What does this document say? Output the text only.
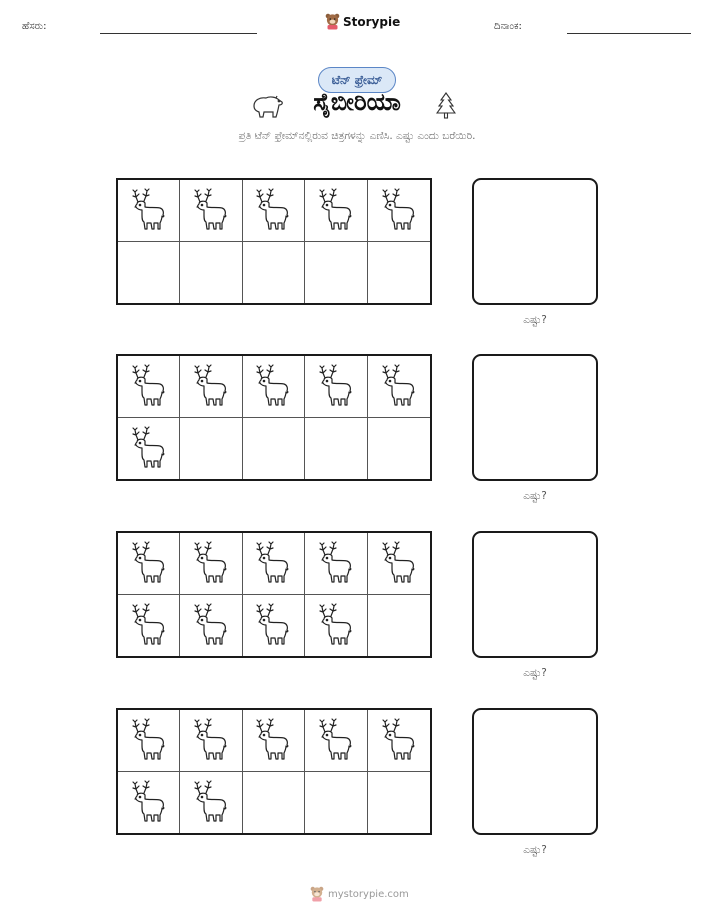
ಹೆಸರು:	Storypie	ದಿನಾಂಕ:
ಟೆನ್ ಫ್ರೇಮ್
ಸೈಬೀರಿಯಾ
ಪ್ರತಿ ಟೆನ್ ಫ್ರೇಮ್‌ನಲ್ಲಿರುವ ಚಿತ್ರಗಳನ್ನು ಎಣಿಸಿ. ಎಷ್ಟು ಎಂದು ಬರೆಯಿರಿ.
ಎಷ್ಟು?
ಎಷ್ಟು?
ಎಷ್ಟು?
ಎಷ್ಟು?
mystorypie.com
